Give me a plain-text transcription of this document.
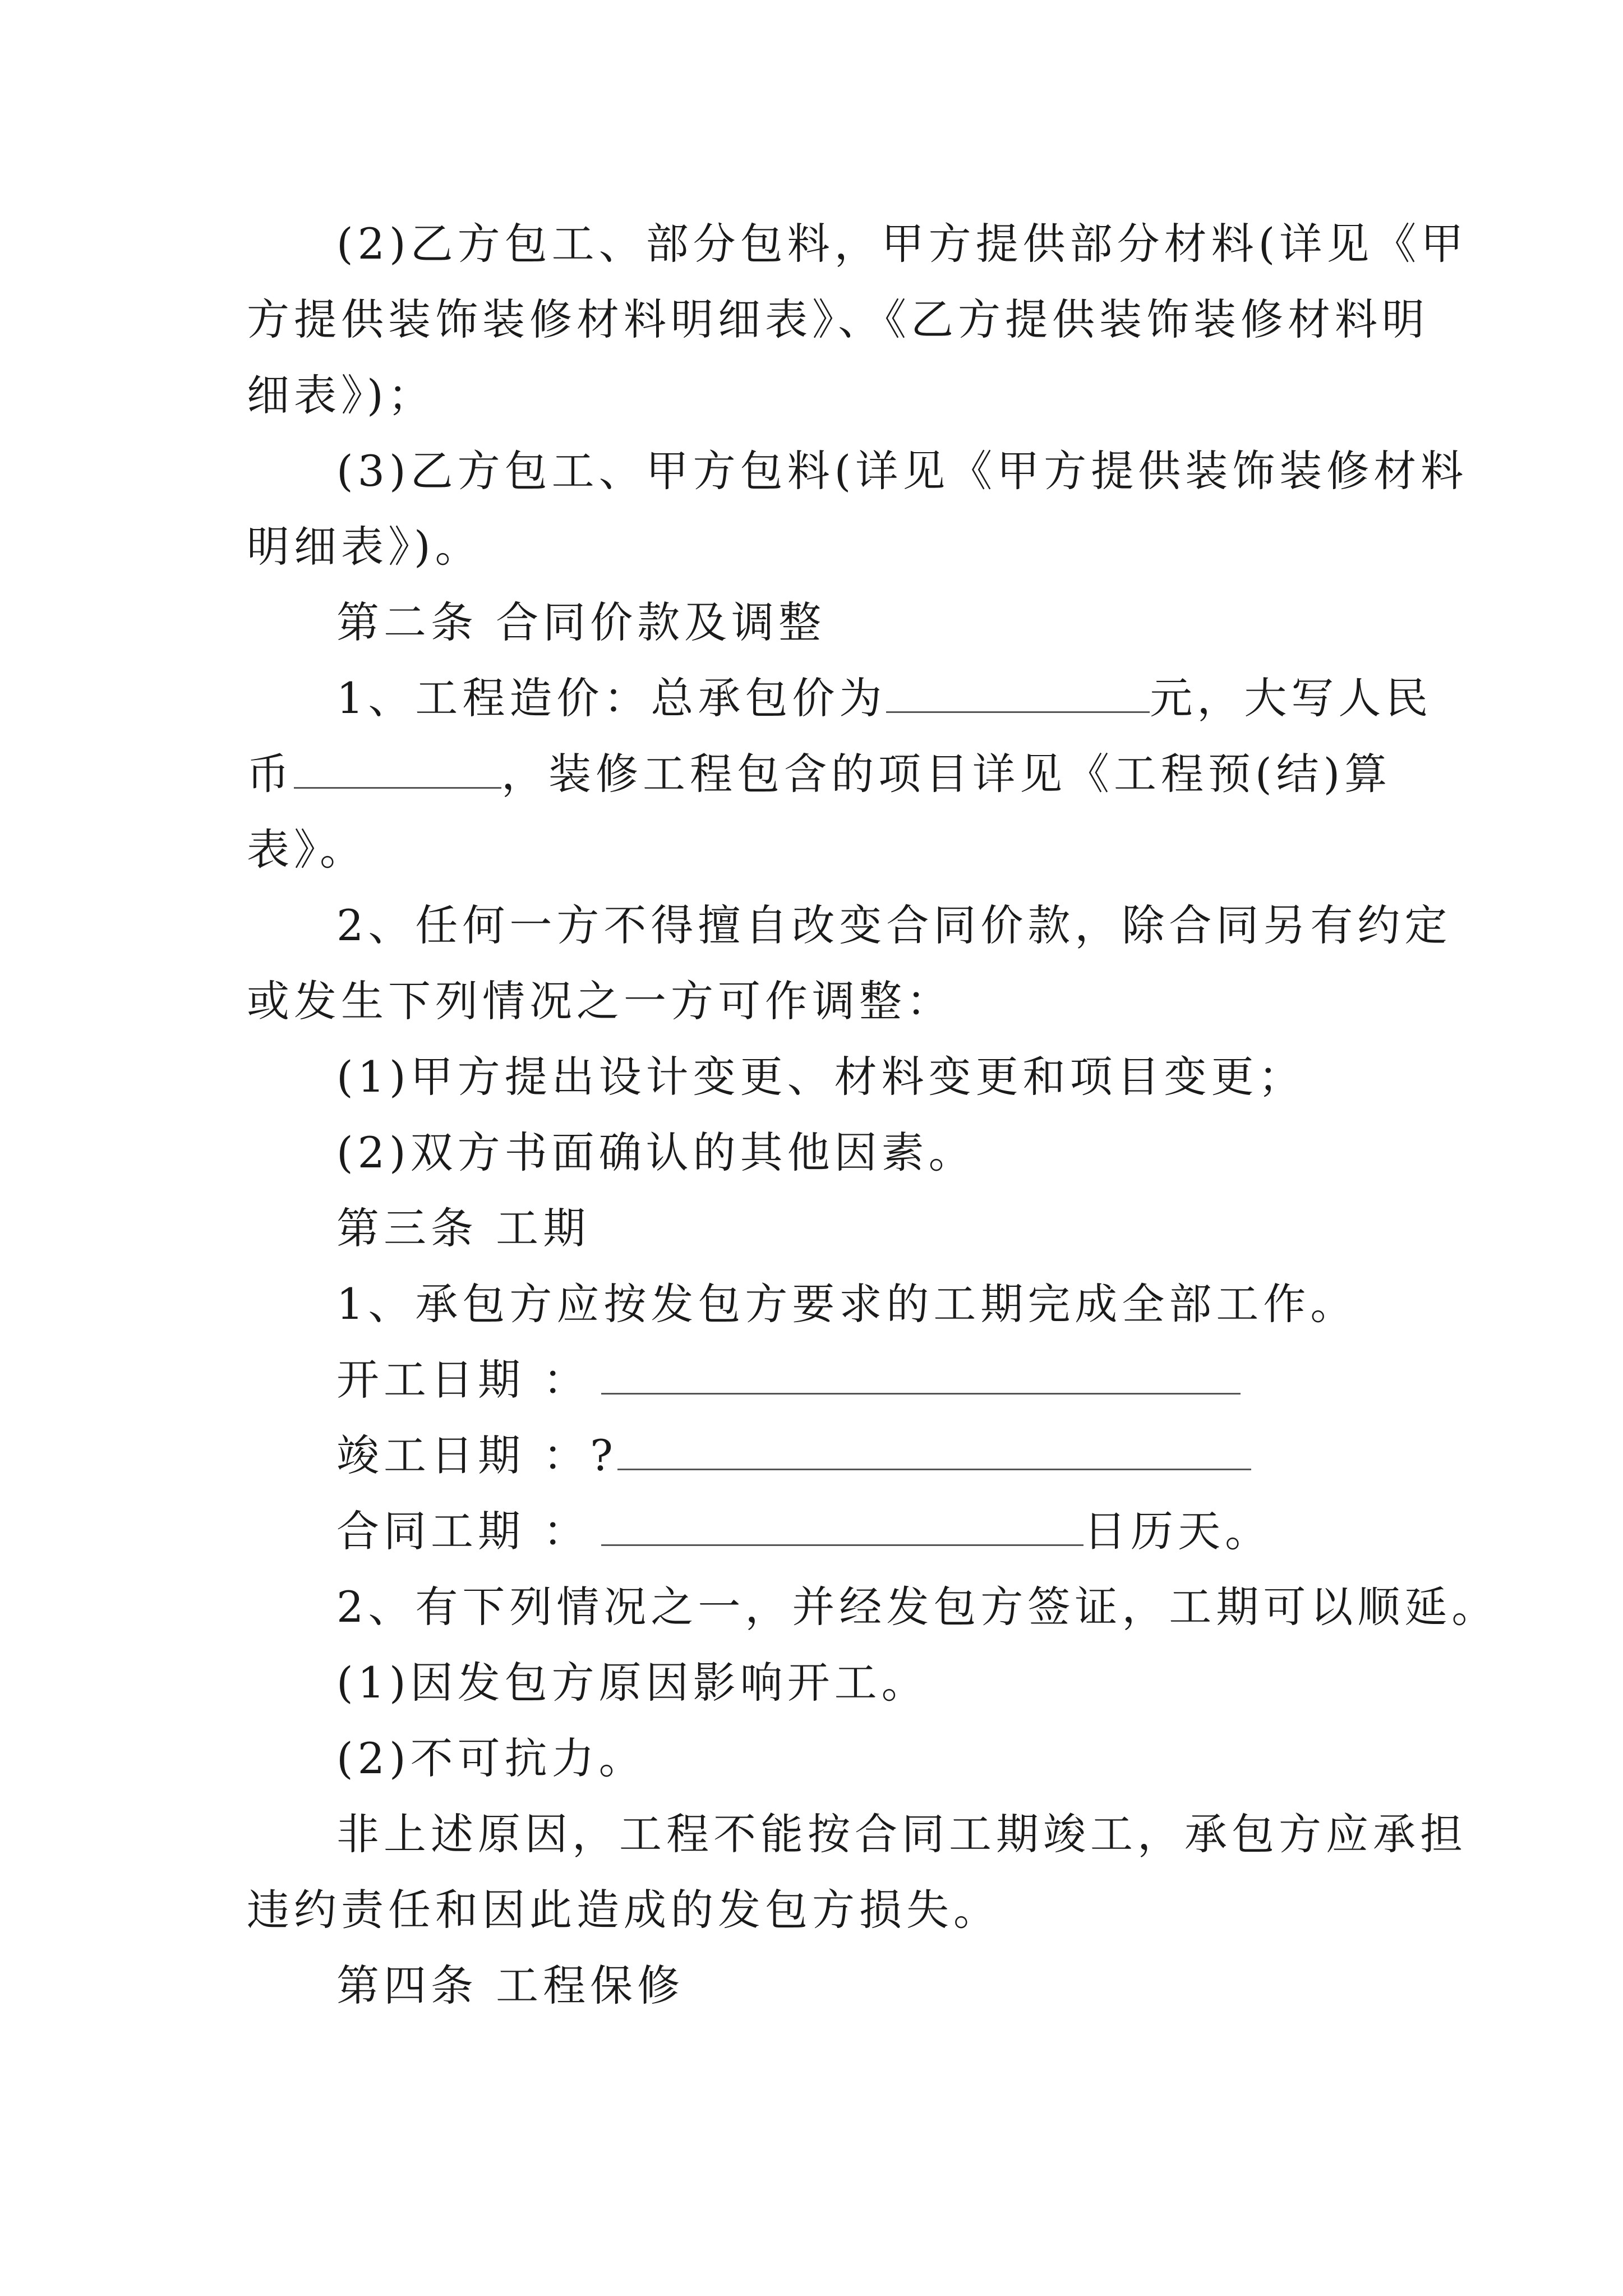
(2)乙方包工、部分包料，甲方提供部分材料(详见《甲
方提供装饰装修材料明细表》、《乙方提供装饰装修材料明
细表》)；
(3)乙方包工、甲方包料(详见《甲方提供装饰装修材料
明细表》)。
第二条 合同价款及调整
1、工程造价：总承包价为	元，大写人民
币	，装修工程包含的项目详见《工程预(结)算
表》。
2、任何一方不得擅自改变合同价款，除合同另有约定
或发生下列情况之一方可作调整：
(1)甲方提出设计变更、材料变更和项目变更；
(2)双方书面确认的其他因素。
第三条 工期
1、承包方应按发包方要求的工期完成全部工作。
开工日期 ：
竣工日期 ：?
合同工期 ：	日历天。
2、有下列情况之一，并经发包方签证，工期可以顺延。
(1)因发包方原因影响开工。
(2)不可抗力。
非上述原因，工程不能按合同工期竣工，承包方应承担
违约责任和因此造成的发包方损失。
第四条 工程保修
